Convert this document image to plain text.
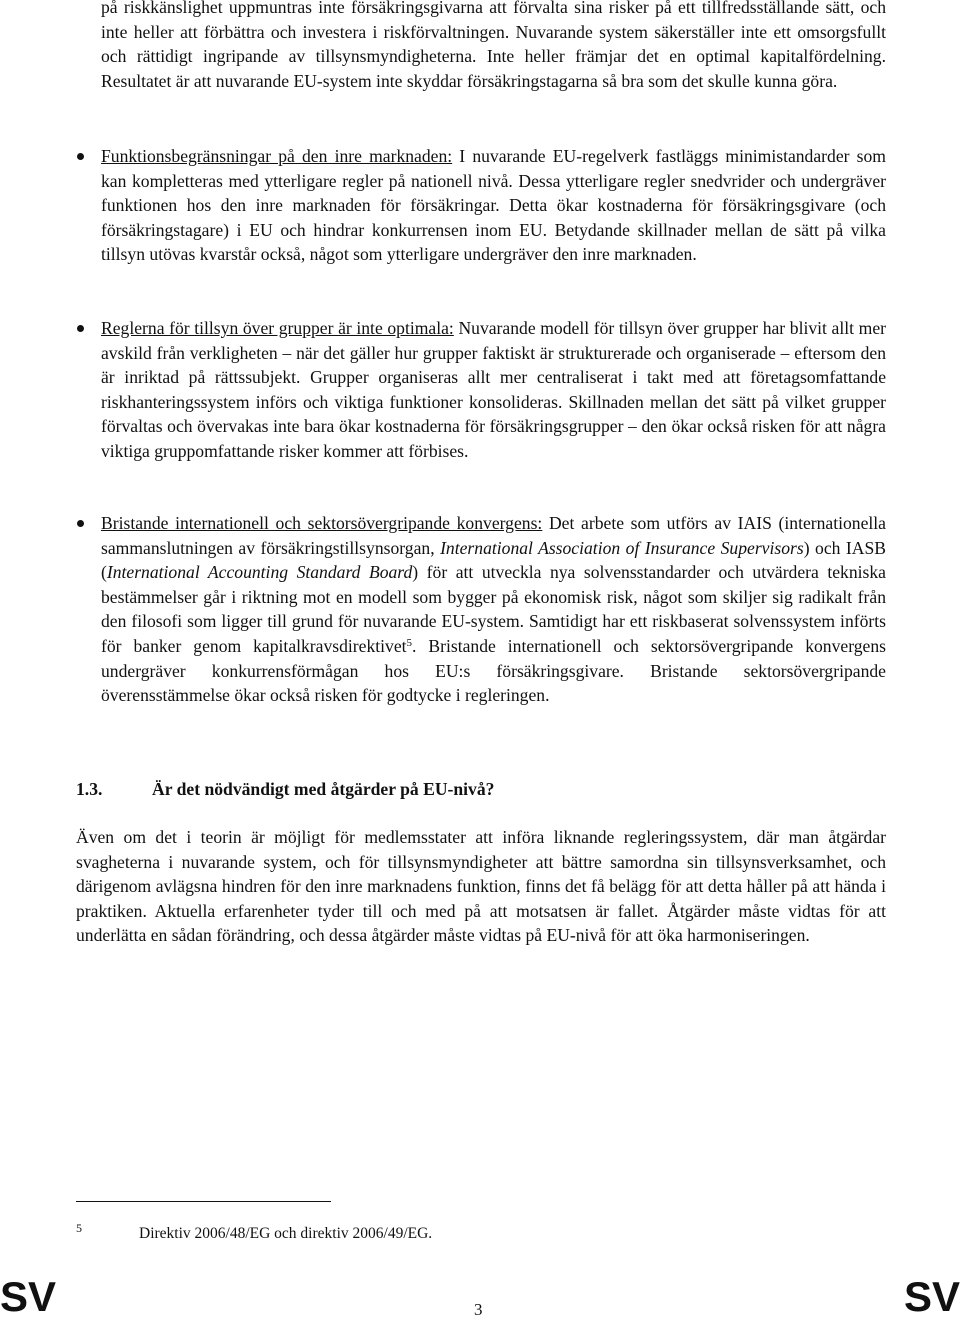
på riskkänslighet uppmuntras inte försäkringsgivarna att förvalta sina risker på ett tillfredsställande sätt, och inte heller att förbättra och investera i riskförvaltningen. Nuvarande system säkerställer inte ett omsorgsfullt och rättidigt ingripande av tillsynsmyndigheterna. Inte heller främjar det en optimal kapitalfördelning. Resultatet är att nuvarande EU-system inte skyddar försäkringstagarna så bra som det skulle kunna göra.
Funktionsbegränsningar på den inre marknaden: I nuvarande EU-regelverk fastläggs minimistandarder som kan kompletteras med ytterligare regler på nationell nivå. Dessa ytterligare regler snedvrider och undergräver funktionen hos den inre marknaden för försäkringar. Detta ökar kostnaderna för försäkringsgivare (och försäkringstagare) i EU och hindrar konkurrensen inom EU. Betydande skillnader mellan de sätt på vilka tillsyn utövas kvarstår också, något som ytterligare undergräver den inre marknaden.
Reglerna för tillsyn över grupper är inte optimala: Nuvarande modell för tillsyn över grupper har blivit allt mer avskild från verkligheten – när det gäller hur grupper faktiskt är strukturerade och organiserade – eftersom den är inriktad på rättssubjekt. Grupper organiseras allt mer centraliserat i takt med att företagsomfattande riskhanteringssystem införs och viktiga funktioner konsolideras. Skillnaden mellan det sätt på vilket grupper förvaltas och övervakas inte bara ökar kostnaderna för försäkringsgrupper – den ökar också risken för att några viktiga gruppomfattande risker kommer att förbises.
Bristande internationell och sektorsövergripande konvergens: Det arbete som utförs av IAIS (internationella sammanslutningen av försäkringstillsynsorgan, International Association of Insurance Supervisors) och IASB (International Accounting Standard Board) för att utveckla nya solvensstandarder och utvärdera tekniska bestämmelser går i riktning mot en modell som bygger på ekonomisk risk, något som skiljer sig radikalt från den filosofi som ligger till grund för nuvarande EU-system. Samtidigt har ett riskbaserat solvenssystem införts för banker genom kapitalkravsdirektivet$^5$. Bristande internationell och sektorsövergripande konvergens undergräver konkurrensförmågan hos EU:s försäkringsgivare. Bristande sektorsövergripande överensstämmelse ökar också risken för godtycke i regleringen.
1.3.	Är det nödvändigt med åtgärder på EU-nivå?
Även om det i teorin är möjligt för medlemsstater att införa liknande regleringssystem, där man åtgärdar svagheterna i nuvarande system, och för tillsynsmyndigheter att bättre samordna sin tillsynsverksamhet, och därigenom avlägsna hindren för den inre marknadens funktion, finns det få belägg för att detta håller på att hända i praktiken. Aktuella erfarenheter tyder till och med på att motsatsen är fallet. Åtgärder måste vidtas för att underlätta en sådan förändring, och dessa åtgärder måste vidtas på EU-nivå för att öka harmoniseringen.
5	Direktiv 2006/48/EG och direktiv 2006/49/EG.
SV	3	SV
